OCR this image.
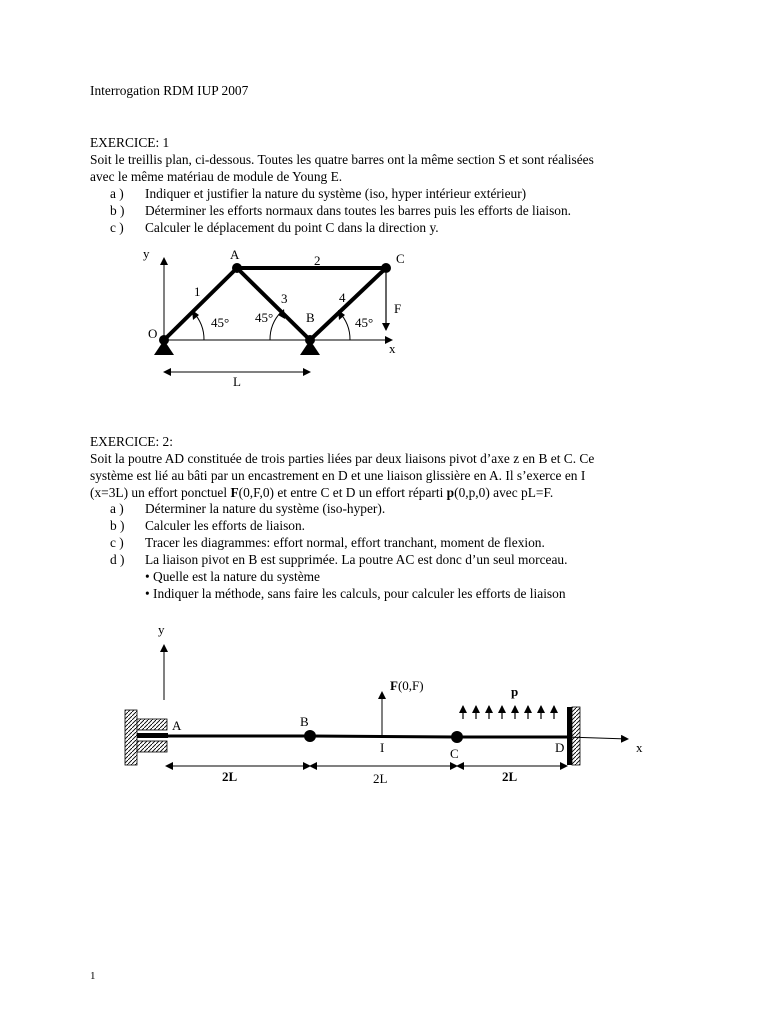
Interrogation RDM IUP 2007
EXERCICE: 1
Soit le treillis plan, ci-dessous. Toutes les quatre barres ont la même section S et sont réalisées
avec le même matériau de module de Young E.
a ) Indiquer et justifier la nature du système (iso, hyper intérieur extérieur)
b ) Déterminer les efforts normaux dans toutes les barres puis les efforts de liaison.
c ) Calculer le déplacement du point C dans la direction y.
y
x
O
A
B
C
1
2
3	4
F
45° 45°	45°
L
EXERCICE: 2:
Soit la poutre AD constituée de trois parties liées par deux liaisons pivot d’axe z en B et C. Ce
système est lié au bâti par un encastrement en D et une liaison glissière en A. Il s’exerce en I
(x=3L) un effort ponctuel F(0,F,0) et entre C et D un effort réparti p(0,p,0) avec pL=F.
a ) Déterminer la nature du système (iso-hyper).
b ) Calculer les efforts de liaison.
c ) Tracer les diagrammes: effort normal, effort tranchant, moment de flexion.
d ) La liaison pivot en B est supprimée. La poutre AC est donc d’un seul morceau.
• Quelle est la nature du système
• Indiquer la méthode, sans faire les calculs, pour calculer les efforts de liaison
y
x
A	B
I	C	D
F(0,F)	p
2L	2L	2L
1
